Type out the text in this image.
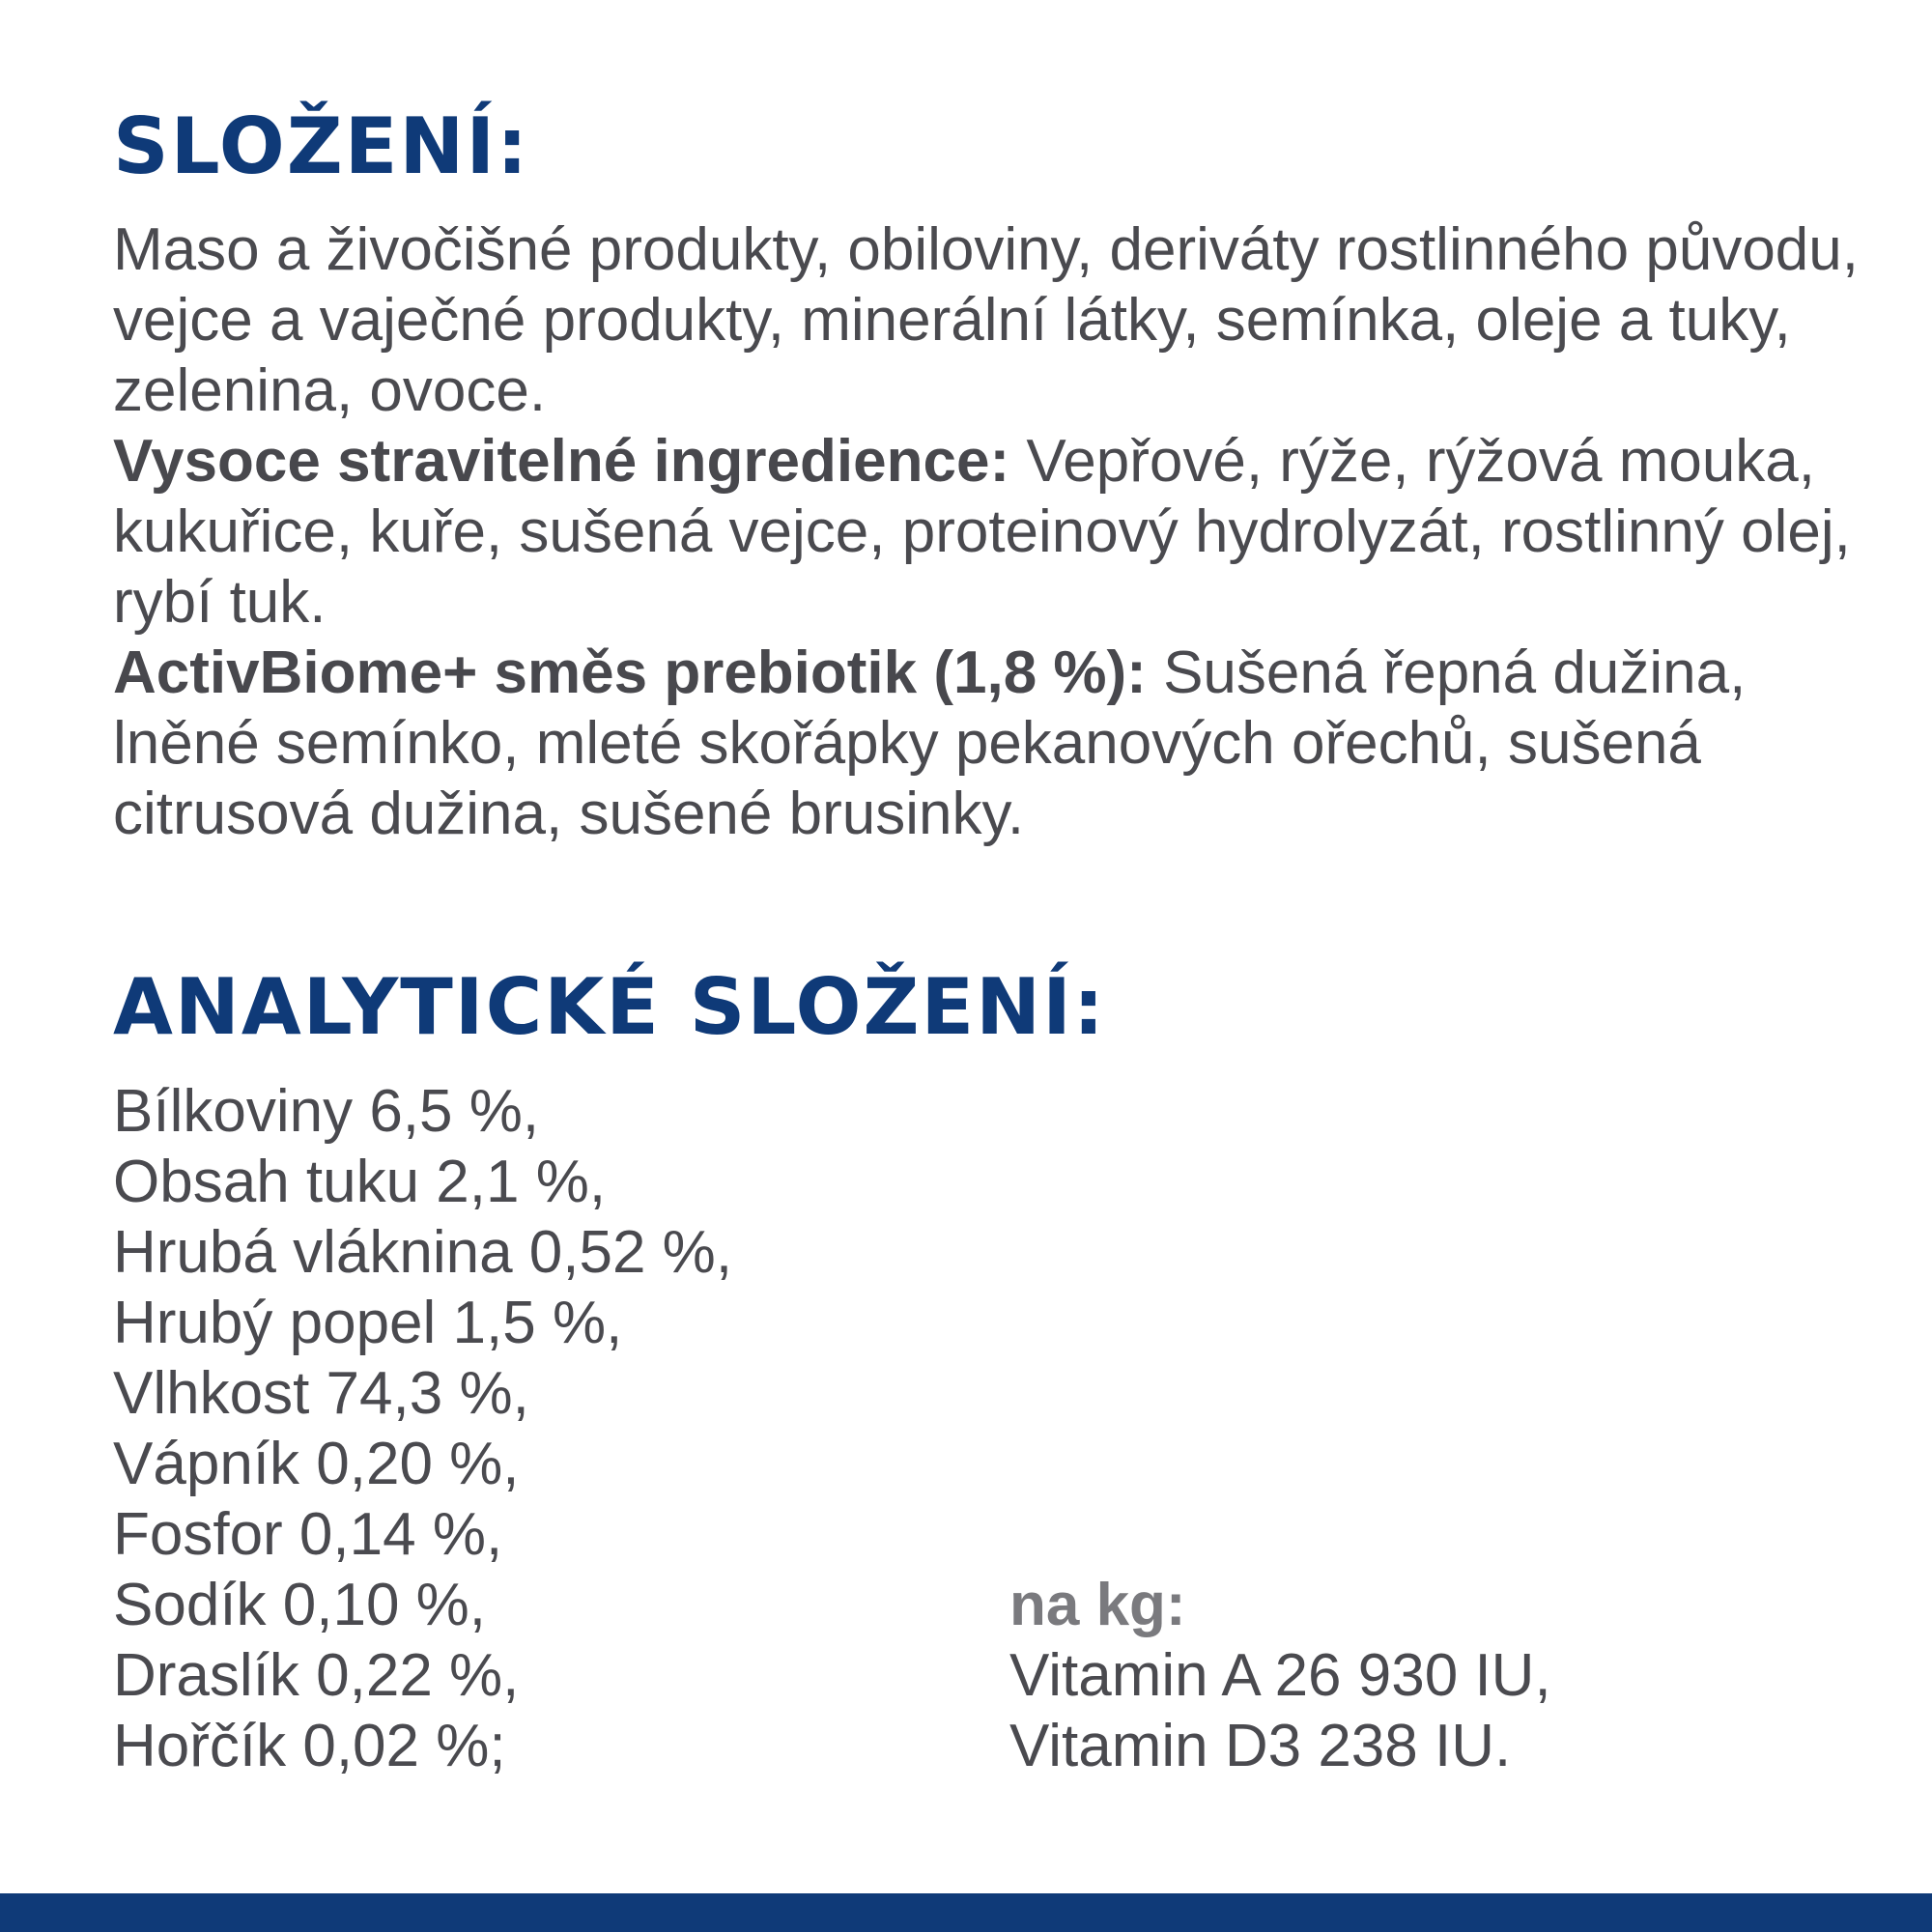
SLOŽENÍ:

Maso a živočišné produkty, obiloviny, deriváty rostlinného původu, vejce a vaječné produkty, minerální látky, semínka, oleje a tuky, zelenina, ovoce.

Vysoce stravitelné ingredience: Vepřové, rýže, rýžová mouka, kukuřice, kuře, sušená vejce, proteinový hydrolyzát, rostlinný olej, rybí tuk.

ActivBiome+ směs prebiotik (1,8 %): Sušená řepná dužina, lněné semínko, mleté skořápky pekanových ořechů, sušená citrusová dužina, sušené brusinky.

ANALYTICKÉ SLOŽENÍ:
Bílkoviny 6,5 %,
Obsah tuku 2,1 %,
Hrubá vláknina 0,52 %,
Hrubý popel 1,5 %,
Vlhkost 74,3 %,
Vápník 0,20 %,
Fosfor 0,14 %,
Sodík 0,10 %,
Draslík 0,22 %,
Hořčík 0,02 %;
na kg:
Vitamin A 26 930 IU,
Vitamin D3 238 IU.
